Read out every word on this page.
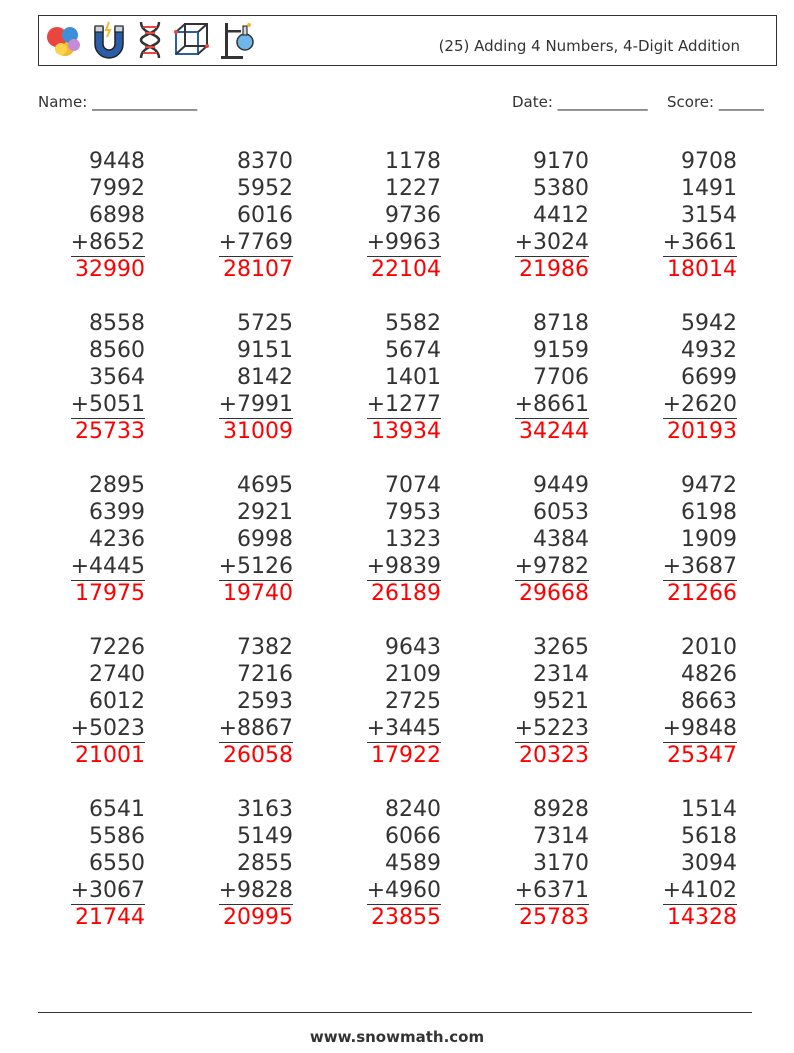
(25) Adding 4 Numbers, 4-Digit Addition
Name: ______________	Date: ____________ Score: ______
9448
7992
6898
+8652
32990
8370
5952
6016
+7769
28107
1178
1227
9736
+9963
22104
9170
5380
4412
+3024
21986
9708
1491
3154
+3661
18014
8558
8560
3564
+5051
25733
5725
9151
8142
+7991
31009
5582
5674
1401
+1277
13934
8718
9159
7706
+8661
34244
5942
4932
6699
+2620
20193
2895
6399
4236
+4445
17975
4695
2921
6998
+5126
19740
7074
7953
1323
+9839
26189
9449
6053
4384
+9782
29668
9472
6198
1909
+3687
21266
7226
2740
6012
+5023
21001
7382
7216
2593
+8867
26058
9643
2109
2725
+3445
17922
3265
2314
9521
+5223
20323
2010
4826
8663
+9848
25347
6541
5586
6550
+3067
21744
3163
5149
2855
+9828
20995
8240
6066
4589
+4960
23855
8928
7314
3170
+6371
25783
1514
5618
3094
+4102
14328
www.snowmath.com
